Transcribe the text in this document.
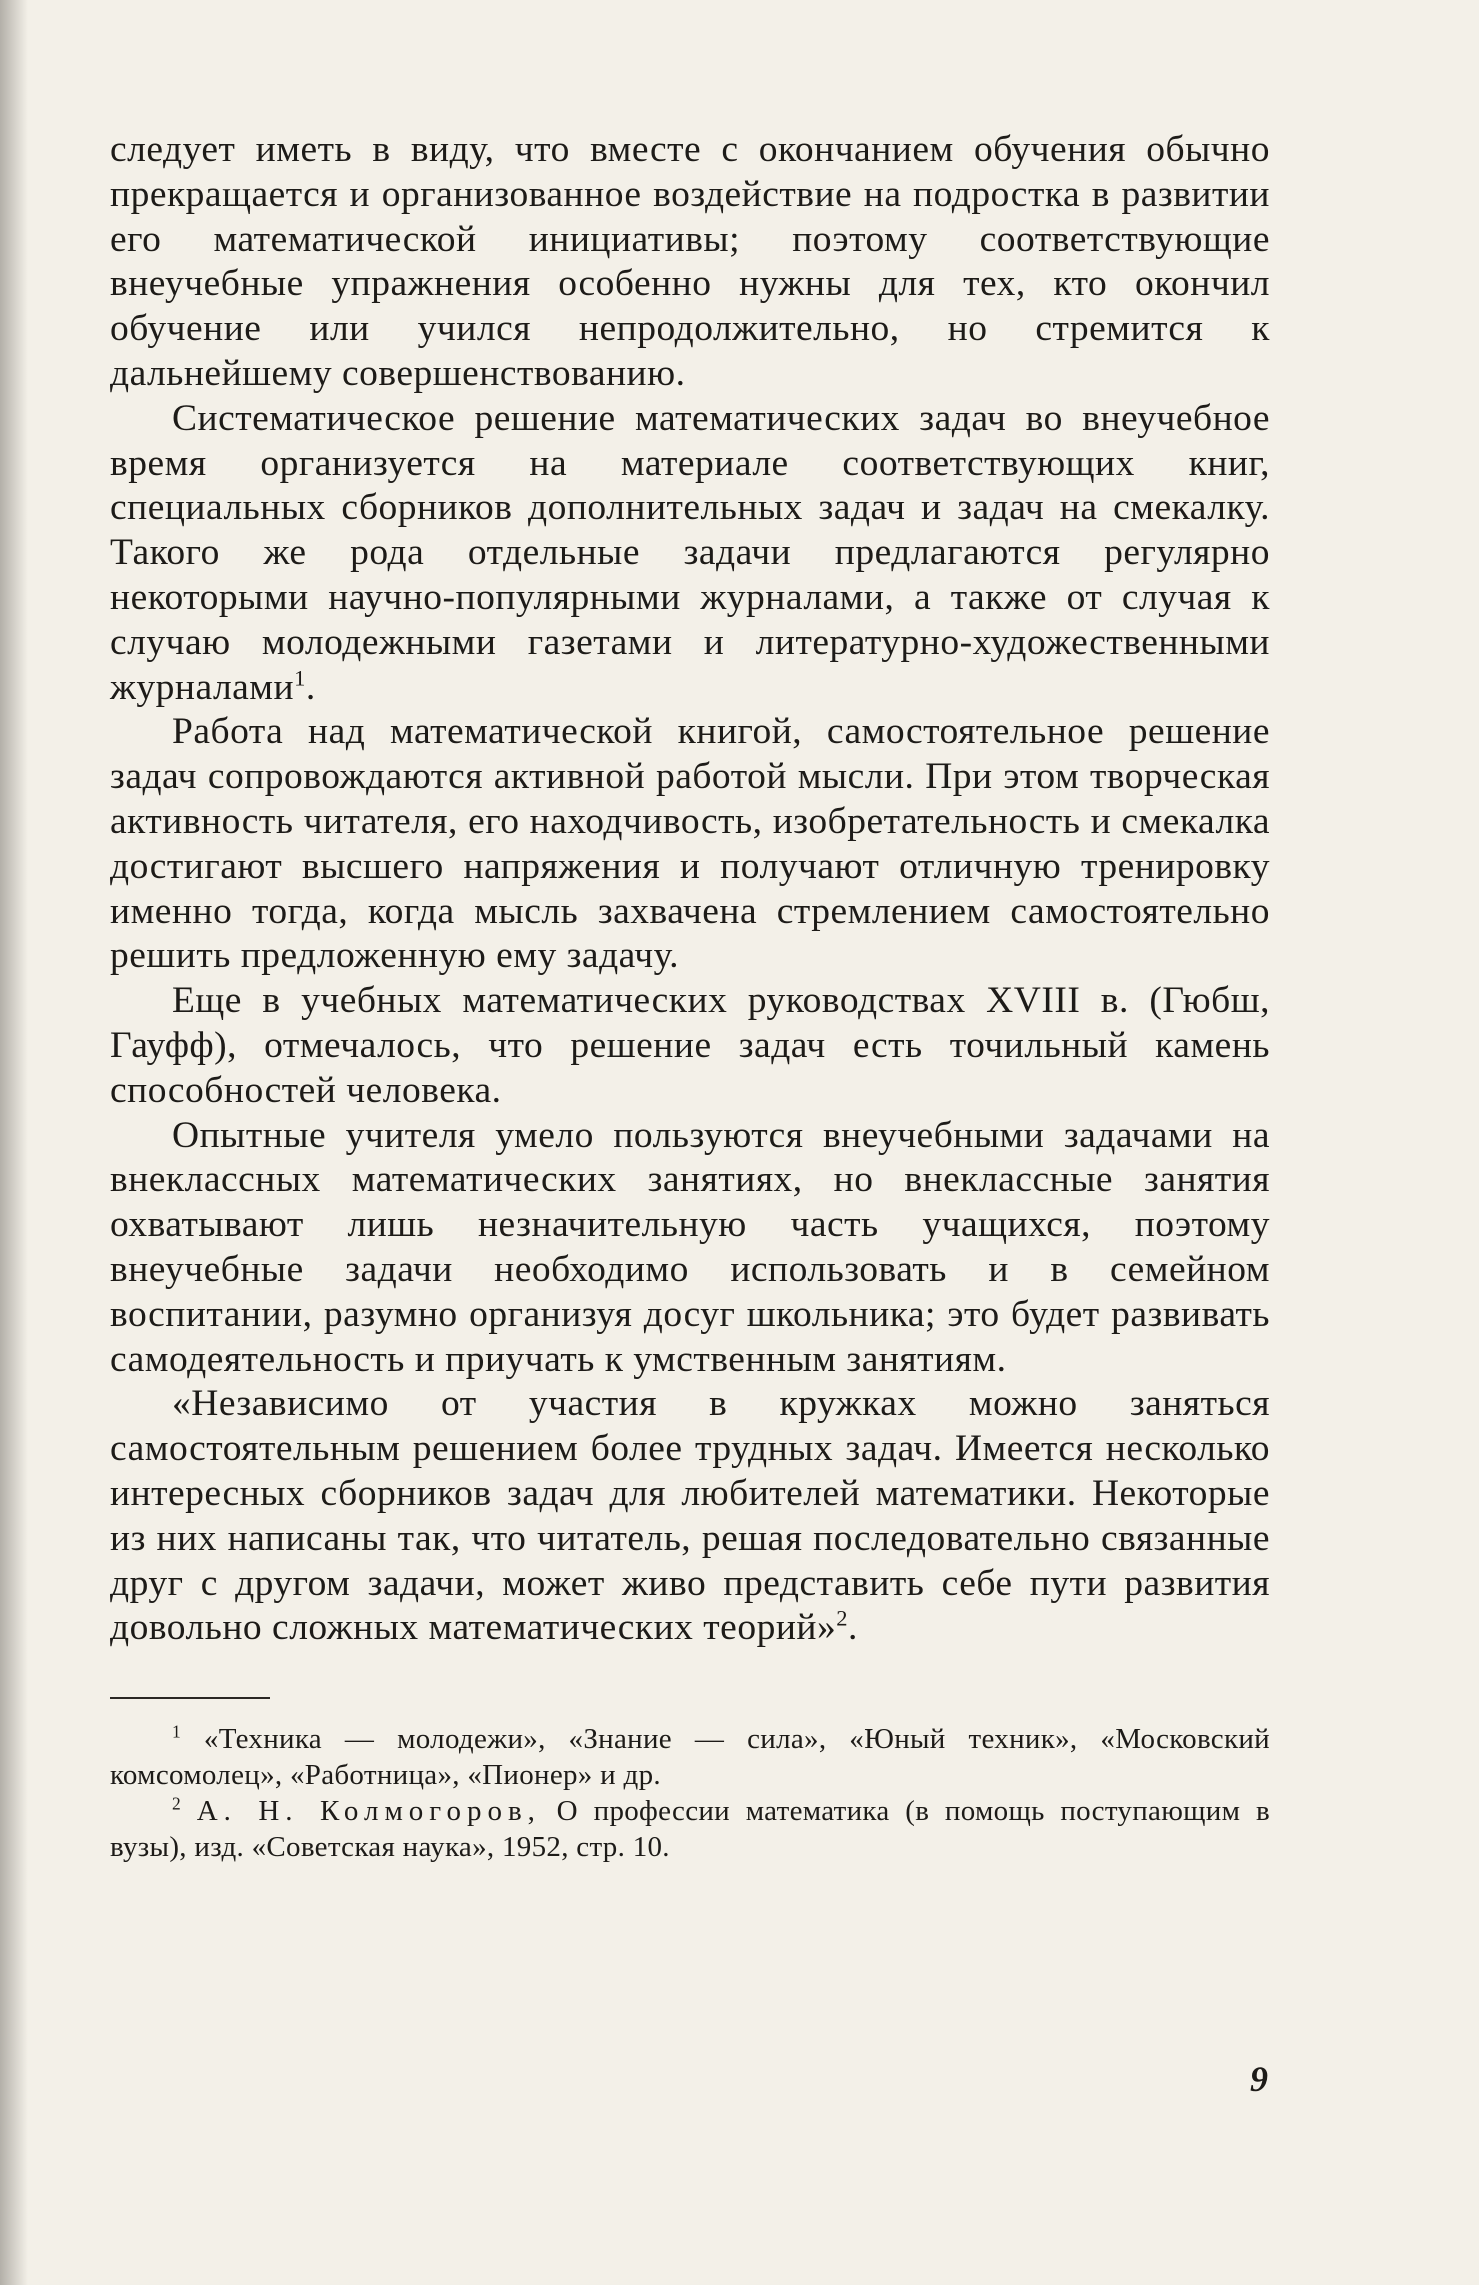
следует иметь в виду, что вместе с окончанием обучения обычно прекращается и организованное воздействие на подростка в развитии его математической инициативы; поэтому соответствующие внеучебные упражнения особенно нужны для тех, кто окончил обучение или учился непродолжительно, но стремится к дальнейшему совершенствованию.

Систематическое решение математических задач во внеучебное время организуется на материале соответствующих книг, специальных сборников дополнительных задач и задач на смекалку. Такого же рода отдельные задачи предлагаются регулярно некоторыми научно-популярными журналами, а также от случая к случаю молодежными газетами и литературно-художественными журналами$^1$.

Работа над математической книгой, самостоятельное решение задач сопровождаются активной работой мысли. При этом творческая активность читателя, его находчивость, изобретательность и смекалка достигают высшего напряжения и получают отличную тренировку именно тогда, когда мысль захвачена стремлением самостоятельно решить предложенную ему задачу.

Еще в учебных математических руководствах XVIII в. (Гюбш, Гауфф), отмечалось, что решение задач есть точильный камень способностей человека.

Опытные учителя умело пользуются внеучебными задачами на внеклассных математических занятиях, но внеклассные занятия охватывают лишь незначительную часть учащихся, поэтому внеучебные задачи необходимо использовать и в семейном воспитании, разумно организуя досуг школьника; это будет развивать самодеятельность и приучать к умственным занятиям.

«Независимо от участия в кружках можно заняться самостоятельным решением более трудных задач. Имеется несколько интересных сборников задач для любителей математики. Некоторые из них написаны так, что читатель, решая последовательно связанные друг с другом задачи, может живо представить себе пути развития довольно сложных математических теорий»$^2$.

$^1$ «Техника — молодежи», «Знание — сила», «Юный техник», «Московский комсомолец», «Работница», «Пионер» и др.

$^2$ А. Н. Колмогоров, О профессии математика (в помощь поступающим в вузы), изд. «Советская наука», 1952, стр. 10.

9
